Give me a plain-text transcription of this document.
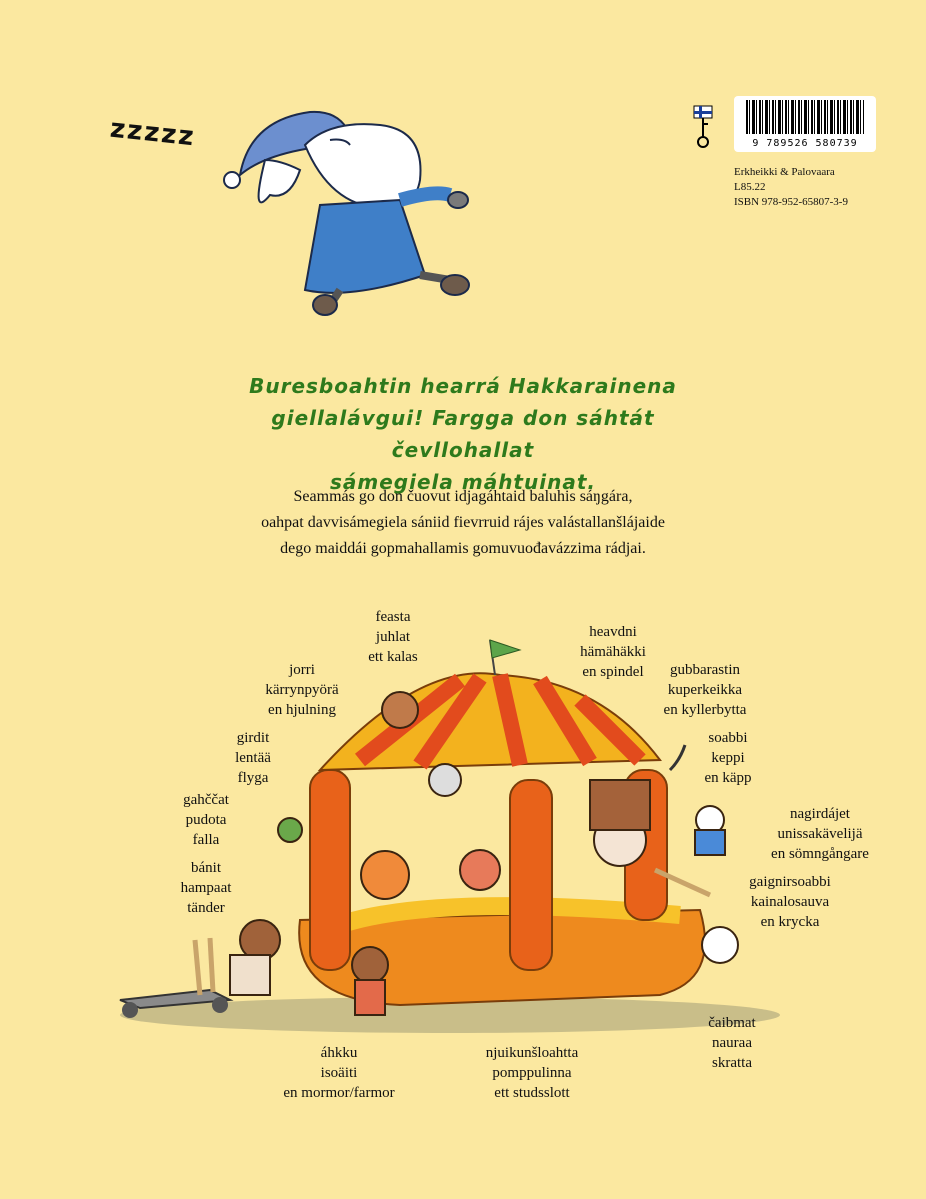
zzzzz	9 789526 580739
Erkheikki & Palovaara
L85.22
ISBN 978-952-65807-3-9
Buresboahtin hearrá Hakkarainena
giellalávgui! Fargga don sáhtát čevllohallat
sámegiela máhtuinat.
Seammás go don čuovut idjagáhtaid baluhis sáŋgára,
oahpat davvisámegiela sániid fievrruid rájes valástallanšlájaide
dego maiddái gopmahallamis gomuvuođavázzima rádjai.
feasta
juhlat
ett kalas
heavdni
hämähäkki
en spindel
jorri
kärrynpyörä
en hjulning
gubbarastin
kuperkeikka
en kyllerbytta
girdit
lentää
flyga
soabbi
keppi
en käpp
gahččat
pudota
falla
nagirdájet
unissakävelijä
en sömngångare
bánit
hampaat
tänder
gaignirsoabbi
kainalosauva
en krycka
čaibmat
nauraa
skratta
áhkku
isoäiti
en mormor/farmor
njuikunšloahtta
pomppulinna
ett studsslott
